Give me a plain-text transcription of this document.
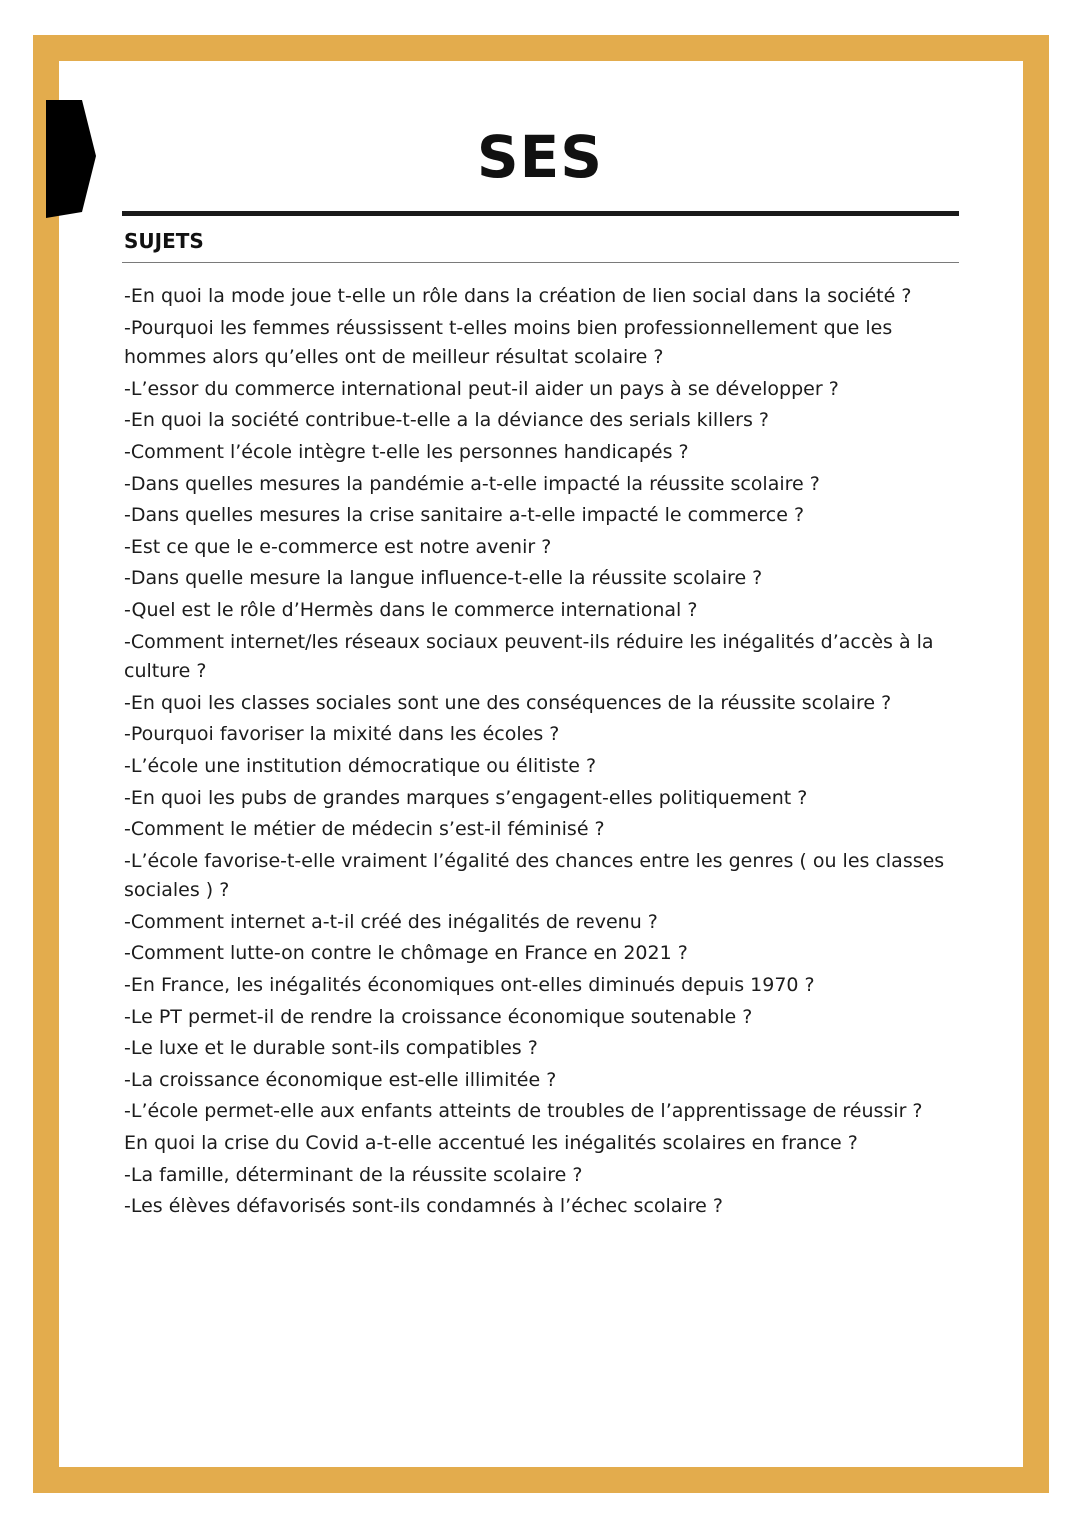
SES
SUJETS
-En quoi la mode joue t-elle un rôle dans la création de lien social dans la société ?
-Pourquoi les femmes réussissent t-elles moins bien professionnellement que les hommes alors qu’elles ont de meilleur résultat scolaire ?
-L’essor du commerce international peut-il aider un pays à se développer ?
-En quoi la société contribue-t-elle a la déviance des serials killers ?
-Comment l’école intègre t-elle les personnes handicapés ?
-Dans quelles mesures la pandémie a-t-elle impacté la réussite scolaire ?
-Dans quelles mesures la crise sanitaire a-t-elle impacté le commerce ?
-Est ce que le e-commerce est notre avenir ?
-Dans quelle mesure la langue influence-t-elle la réussite scolaire ?
-Quel est le rôle d’Hermès dans le commerce international ?
-Comment internet/les réseaux sociaux peuvent-ils réduire les inégalités d’accès à la culture ?
-En quoi les classes sociales sont une des conséquences de la réussite scolaire ?
-Pourquoi favoriser la mixité dans les écoles ?
-L’école une institution démocratique ou élitiste ?
-En quoi les pubs de grandes marques s’engagent-elles politiquement ?
-Comment le métier de médecin s’est-il féminisé ?
-L’école favorise-t-elle vraiment l’égalité des chances entre les genres ( ou les classes sociales ) ?
-Comment internet a-t-il créé des inégalités de revenu ?
-Comment lutte-on contre le chômage en France en 2021 ?
-En France, les inégalités économiques ont-elles diminués depuis 1970 ?
-Le PT permet-il de rendre la croissance économique soutenable ?
-Le luxe et le durable sont-ils compatibles ?
-La croissance économique est-elle illimitée ?
-L’école permet-elle aux enfants atteints de troubles de l’apprentissage de réussir ?
En quoi la crise du Covid a-t-elle accentué les inégalités scolaires en france ?
-La famille, déterminant de la réussite scolaire ?
-Les élèves défavorisés sont-ils condamnés à l’échec scolaire ?
